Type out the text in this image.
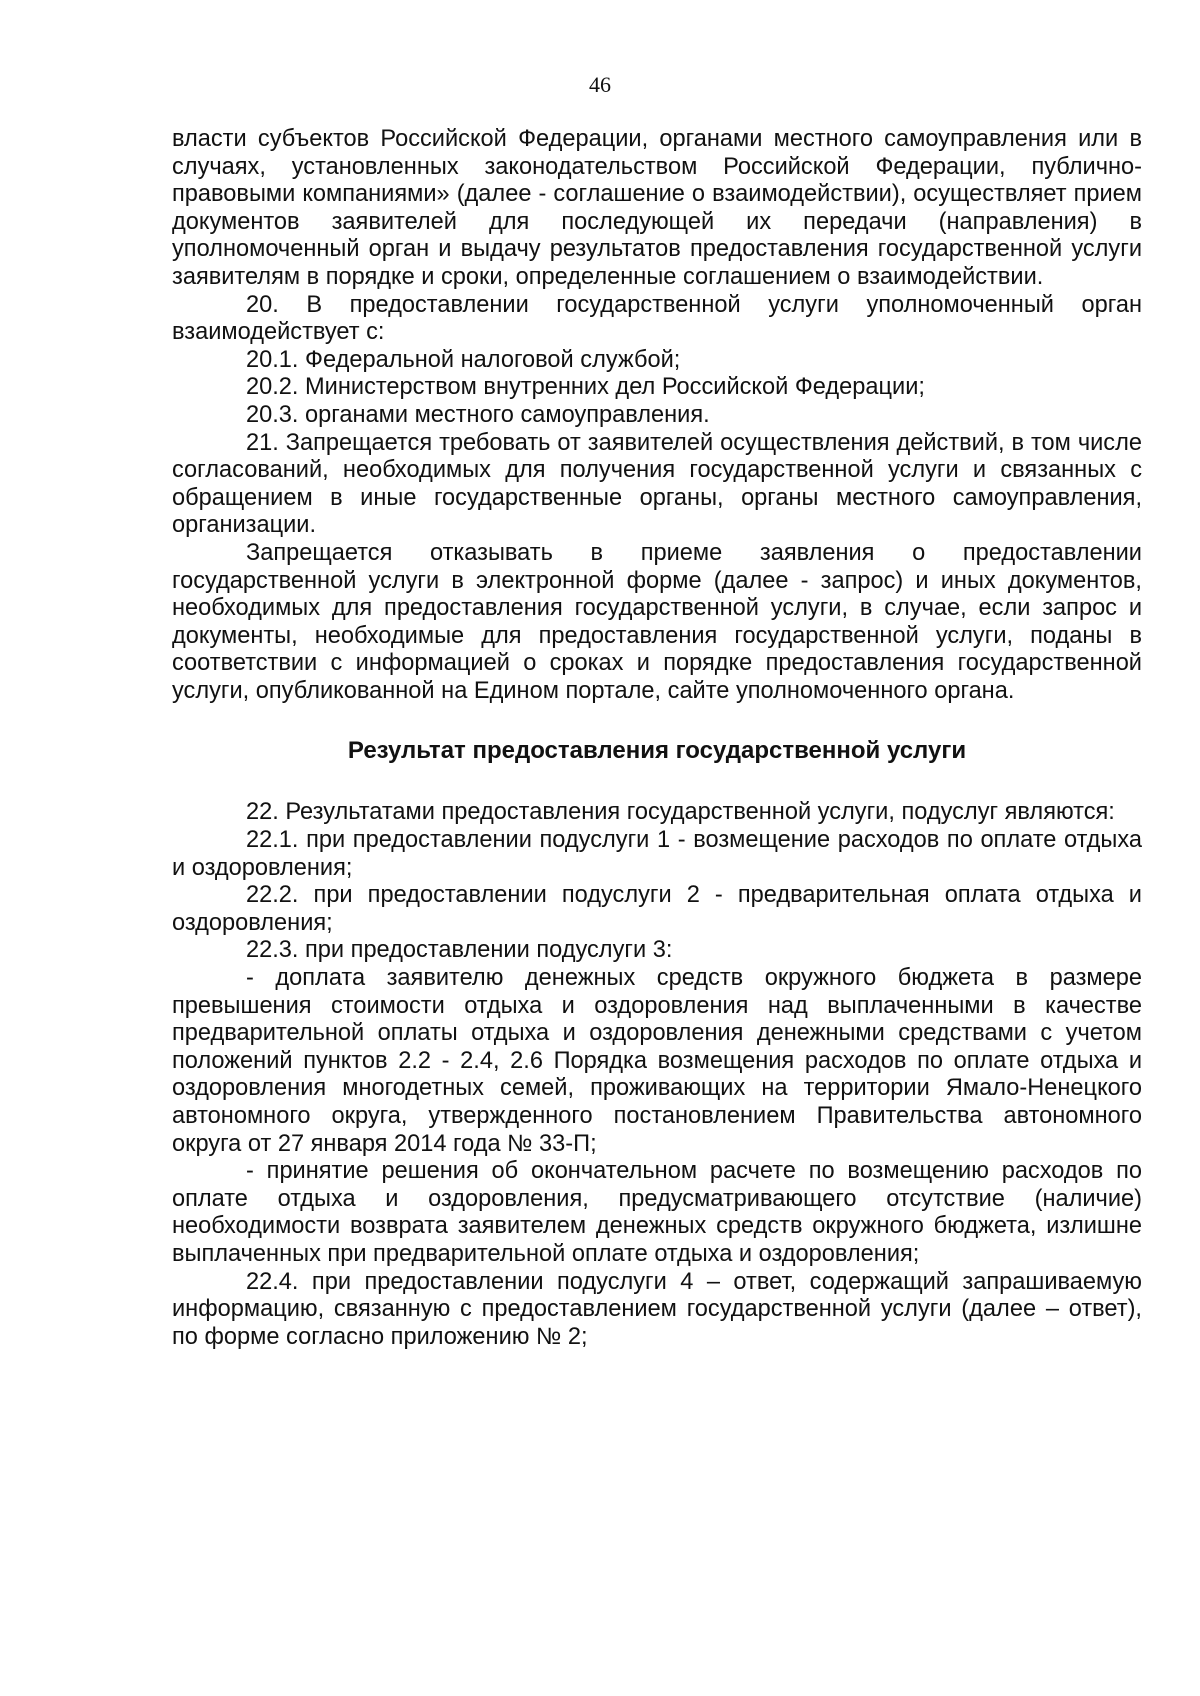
46

власти субъектов Российской Федерации, органами местного самоуправления или в случаях, установленных законодательством Российской Федерации, публично-правовыми компаниями» (далее - соглашение о взаимодействии), осуществляет прием документов заявителей для последующей их передачи (направления) в уполномоченный орган и выдачу результатов предоставления государственной услуги заявителям в порядке и сроки, определенные соглашением о взаимодействии.

20. В предоставлении государственной услуги уполномоченный орган взаимодействует с:

20.1. Федеральной налоговой службой;

20.2. Министерством внутренних дел Российской Федерации;

20.3. органами местного самоуправления.

21. Запрещается требовать от заявителей осуществления действий, в том числе согласований, необходимых для получения государственной услуги и связанных с обращением в иные государственные органы, органы местного самоуправления, организации.

Запрещается отказывать в приеме заявления о предоставлении государственной услуги в электронной форме (далее - запрос) и иных документов, необходимых для предоставления государственной услуги, в случае, если запрос и документы, необходимые для предоставления государственной услуги, поданы в соответствии с информацией о сроках и порядке предоставления государственной услуги, опубликованной на Едином портале, сайте уполномоченного органа.

Результат предоставления государственной услуги

22. Результатами предоставления государственной услуги, подуслуг являются:

22.1. при предоставлении подуслуги 1 - возмещение расходов по оплате отдыха и оздоровления;

22.2. при предоставлении подуслуги 2 - предварительная оплата отдыха и оздоровления;

22.3. при предоставлении подуслуги 3:

- доплата заявителю денежных средств окружного бюджета в размере превышения стоимости отдыха и оздоровления над выплаченными в качестве предварительной оплаты отдыха и оздоровления денежными средствами с учетом положений пунктов 2.2 - 2.4, 2.6 Порядка возмещения расходов по оплате отдыха и оздоровления многодетных семей, проживающих на территории Ямало-Ненецкого автономного округа, утвержденного постановлением Правительства автономного округа от 27 января 2014 года № 33-П;

- принятие решения об окончательном расчете по возмещению расходов по оплате отдыха и оздоровления, предусматривающего отсутствие (наличие) необходимости возврата заявителем денежных средств окружного бюджета, излишне выплаченных при предварительной оплате отдыха и оздоровления;

22.4. при предоставлении подуслуги 4 – ответ, содержащий запрашиваемую информацию, связанную с предоставлением государственной услуги (далее – ответ), по форме согласно приложению № 2;
